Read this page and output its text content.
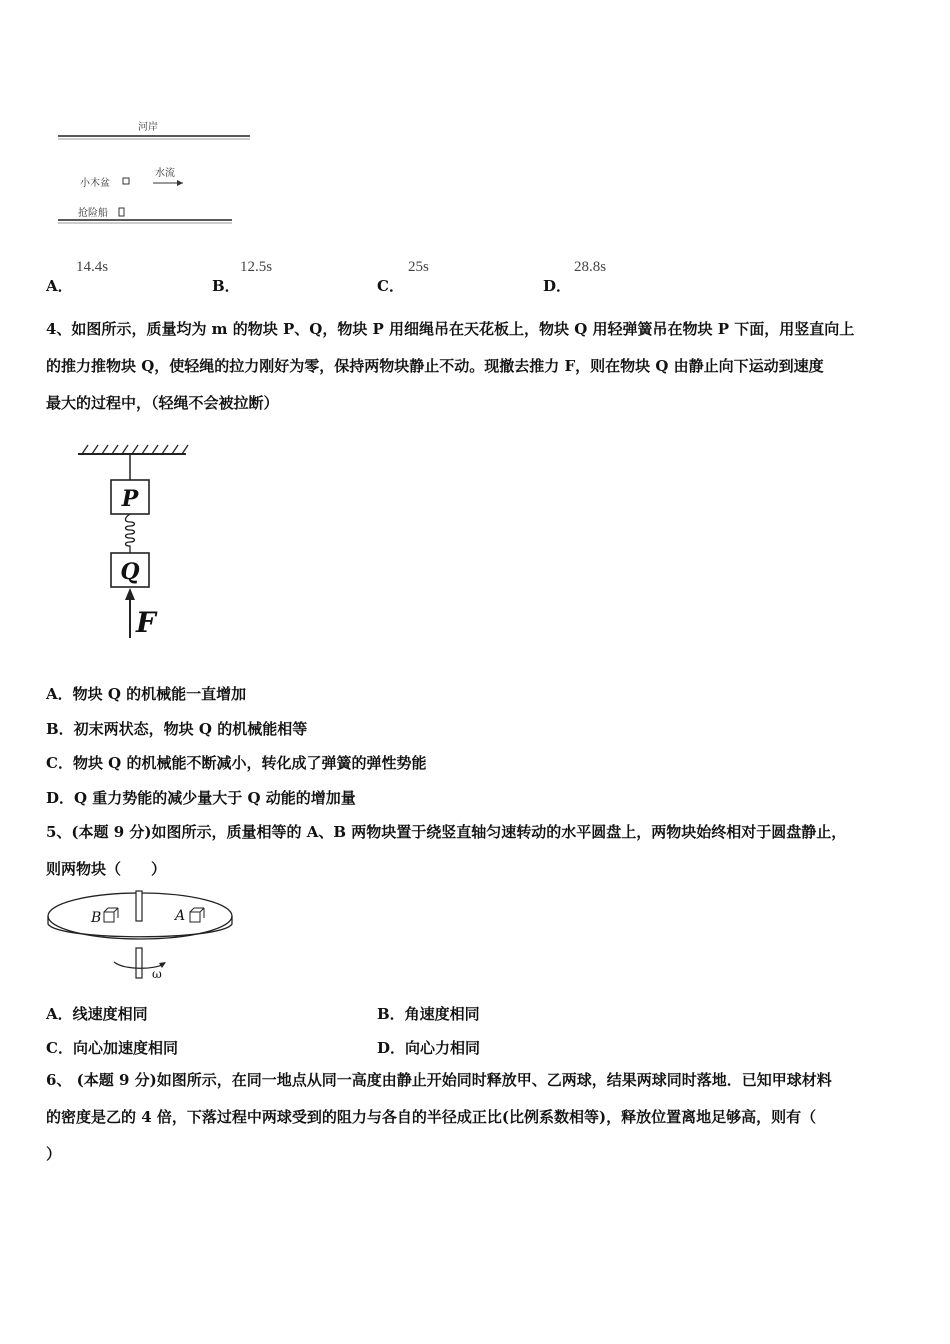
河岸
小木盆
水流
抢险船
A．
14.4s
B．
12.5s
C．
25s
D．
28.8s
4、如图所示，质量均为 m 的物块 P、Q，物块 P 用细绳吊在天花板上，物块 Q 用轻弹簧吊在物块 P 下面，用竖直向上
的推力推物块 Q，使轻绳的拉力刚好为零，保持两物块静止不动。现撤去推力 F，则在物块 Q 由静止向下运动到速度
最大的过程中，（轻绳不会被拉断）
P
Q
F
A．物块 Q 的机械能一直增加
B．初末两状态，物块 Q 的机械能相等
C．物块 Q 的机械能不断减小，转化成了弹簧的弹性势能
D．Q 重力势能的减少量大于 Q 动能的增加量
5、(本题 9 分)如图所示，质量相等的 A、B 两物块置于绕竖直轴匀速转动的水平圆盘上，两物块始终相对于圆盘静止，
则两物块（　　）
B	A
ω
A．线速度相同	B．角速度相同
C．向心加速度相同	D．向心力相同
6、 (本题 9 分)如图所示，在同一地点从同一高度由静止开始同时释放甲、乙两球，结果两球同时落地．已知甲球材料
的密度是乙的 4 倍，下落过程中两球受到的阻力与各自的半径成正比(比例系数相等)，释放位置离地足够高，则有（
）
